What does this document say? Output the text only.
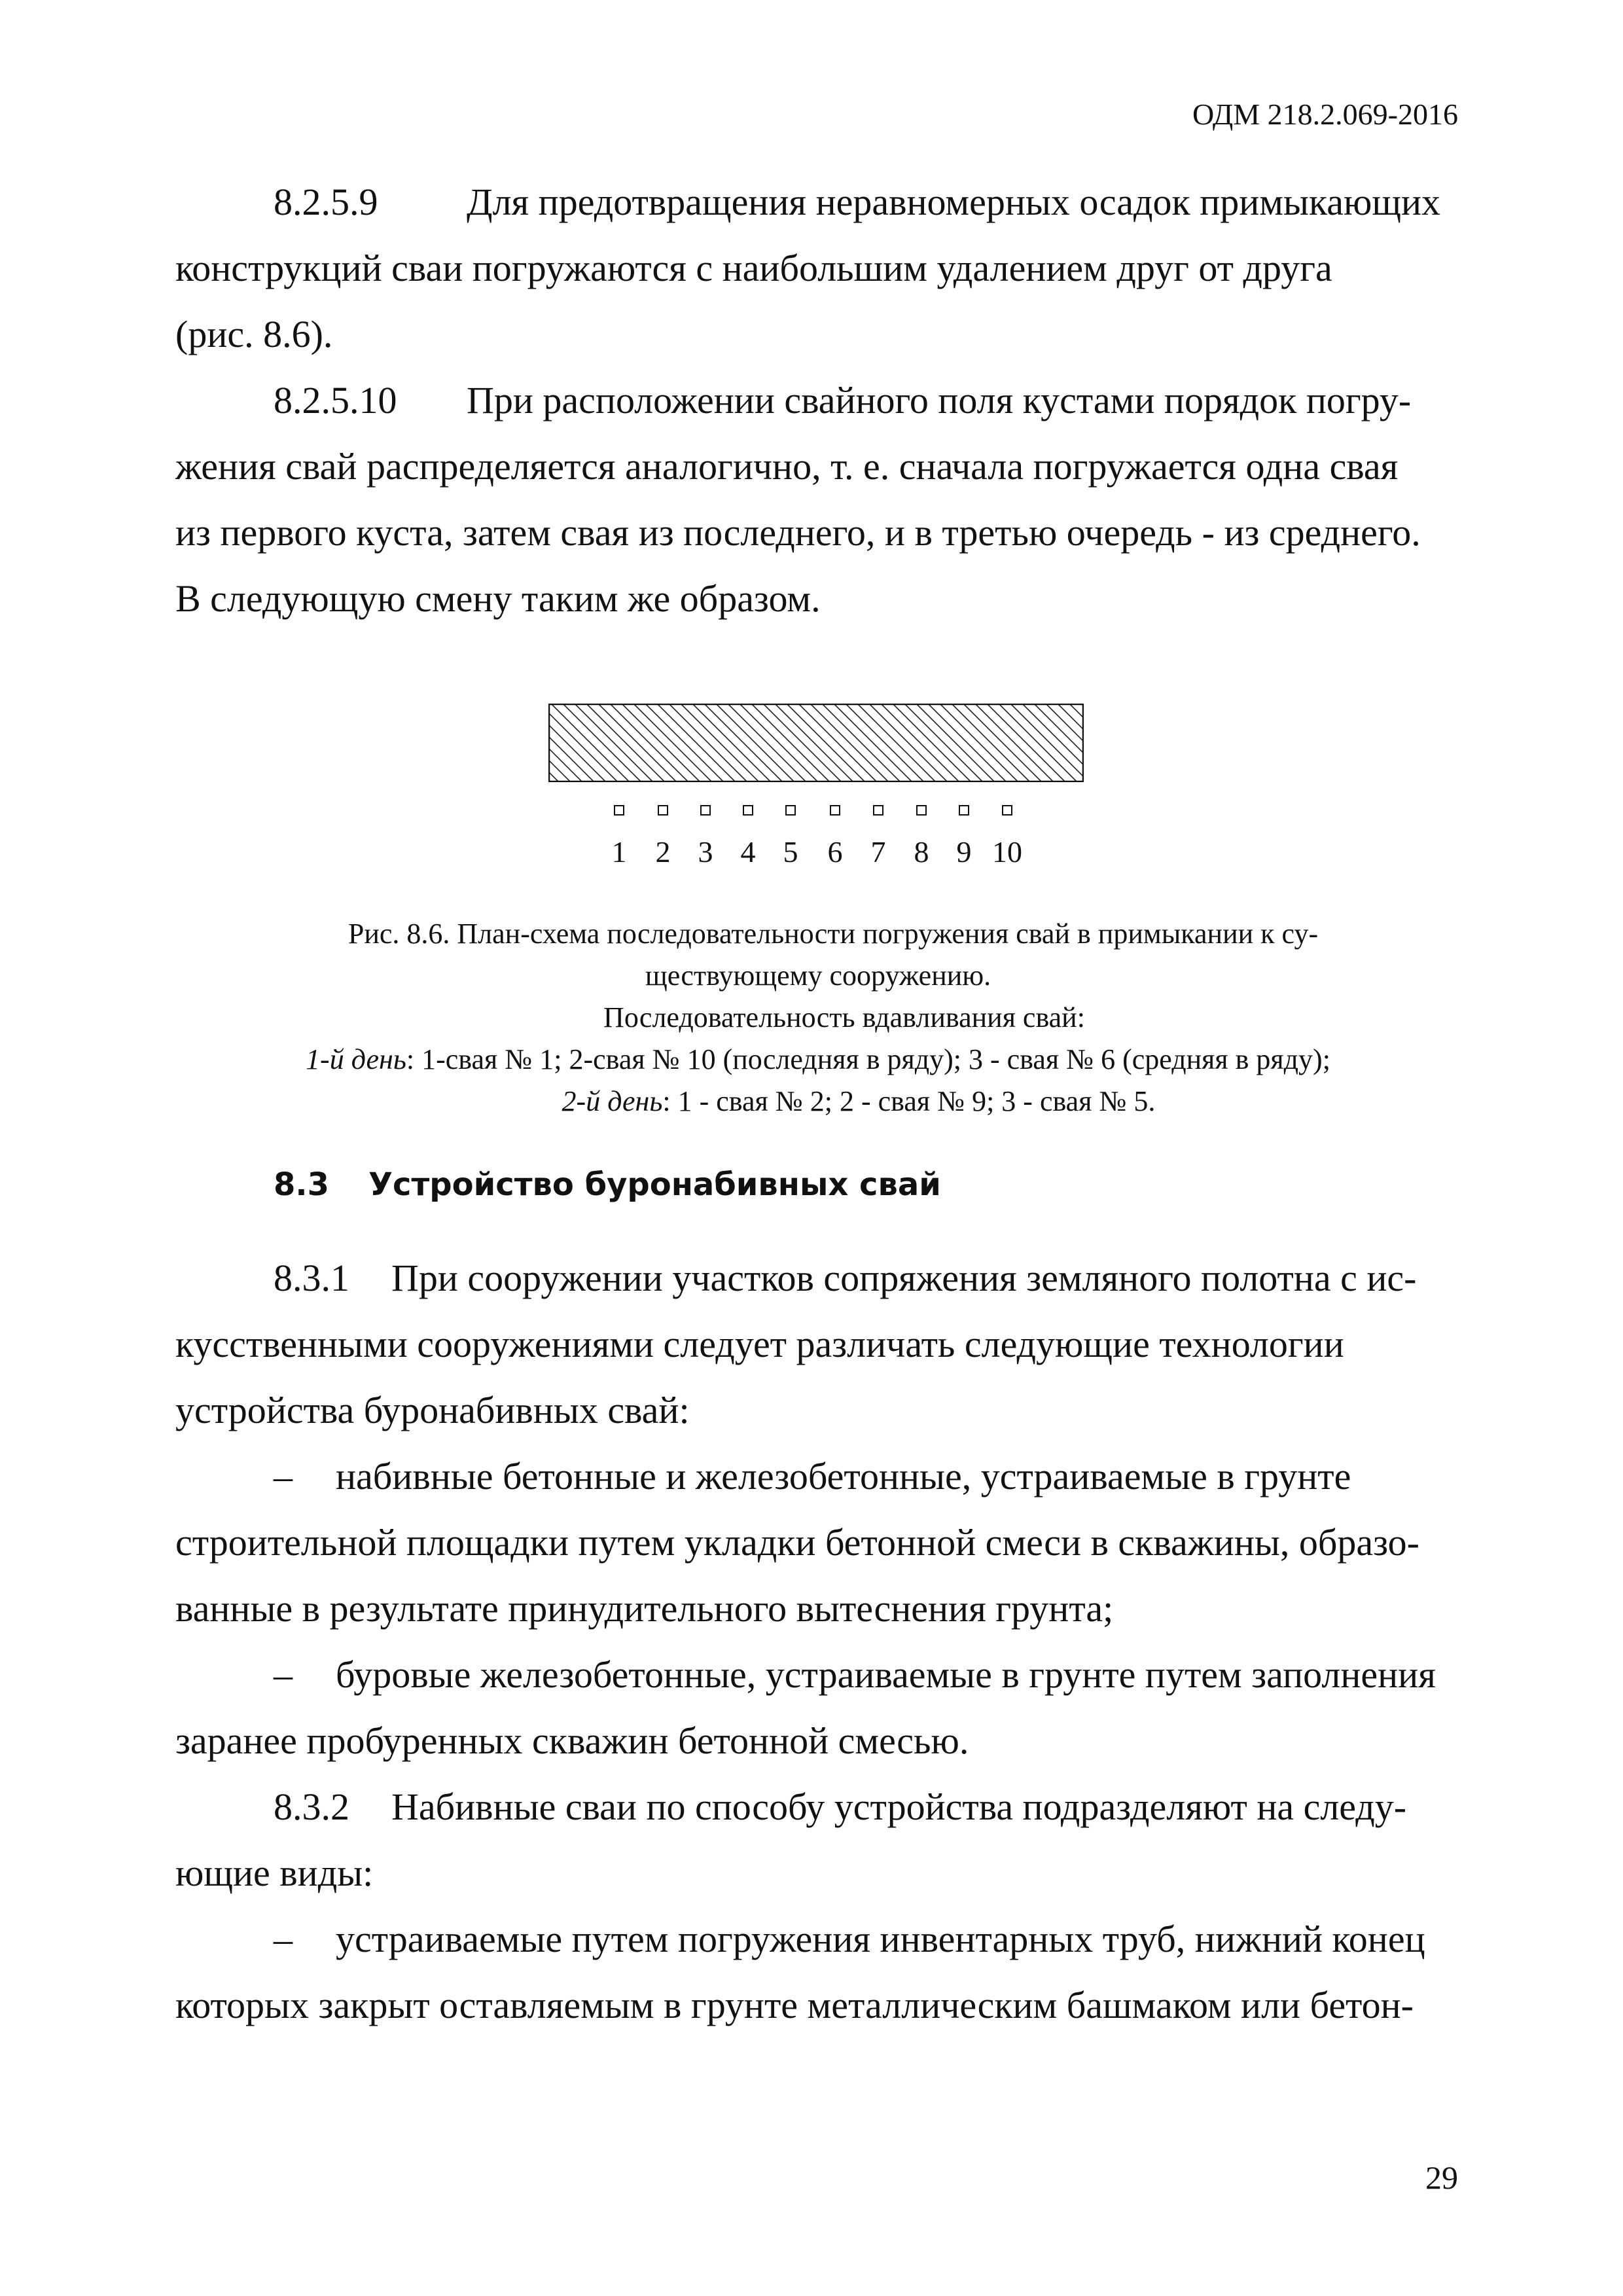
ОДМ 218.2.069-2016

8.2.5.9 Для предотвращения неравномерных осадок примыкающих

конструкций сваи погружаются с наибольшим удалением друг от друга

(рис. 8.6).

8.2.5.10 При расположении свайного поля кустами порядок погру-

жения свай распределяется аналогично, т. е. сначала погружается одна свая

из первого куста, затем свая из последнего, и в третью очередь - из среднего.

В следующую смену таким же образом.

1 2 3 4 5 6 7 8 9 10
Рис. 8.6. План-схема последовательности погружения свай в примыкании к су-
ществующему сооружению.
Последовательность вдавливания свай:
1-й день: 1-свая № 1; 2-свая № 10 (последняя в ряду); 3 - свая № 6 (средняя в ряду);
2-й день: 1 - свая № 2; 2 - свая № 9; 3 - свая № 5.
8.3 Устройство буронабивных свай

8.3.1 При сооружении участков сопряжения земляного полотна с ис-

кусственными сооружениями следует различать следующие технологии

устройства буронабивных свай:

– набивные бетонные и железобетонные, устраиваемые в грунте

строительной площадки путем укладки бетонной смеси в скважины, образо-

ванные в результате принудительного вытеснения грунта;

– буровые железобетонные, устраиваемые в грунте путем заполнения

заранее пробуренных скважин бетонной смесью.

8.3.2 Набивные сваи по способу устройства подразделяют на следу-

ющие виды:

– устраиваемые путем погружения инвентарных труб, нижний конец

которых закрыт оставляемым в грунте металлическим башмаком или бетон-

29
